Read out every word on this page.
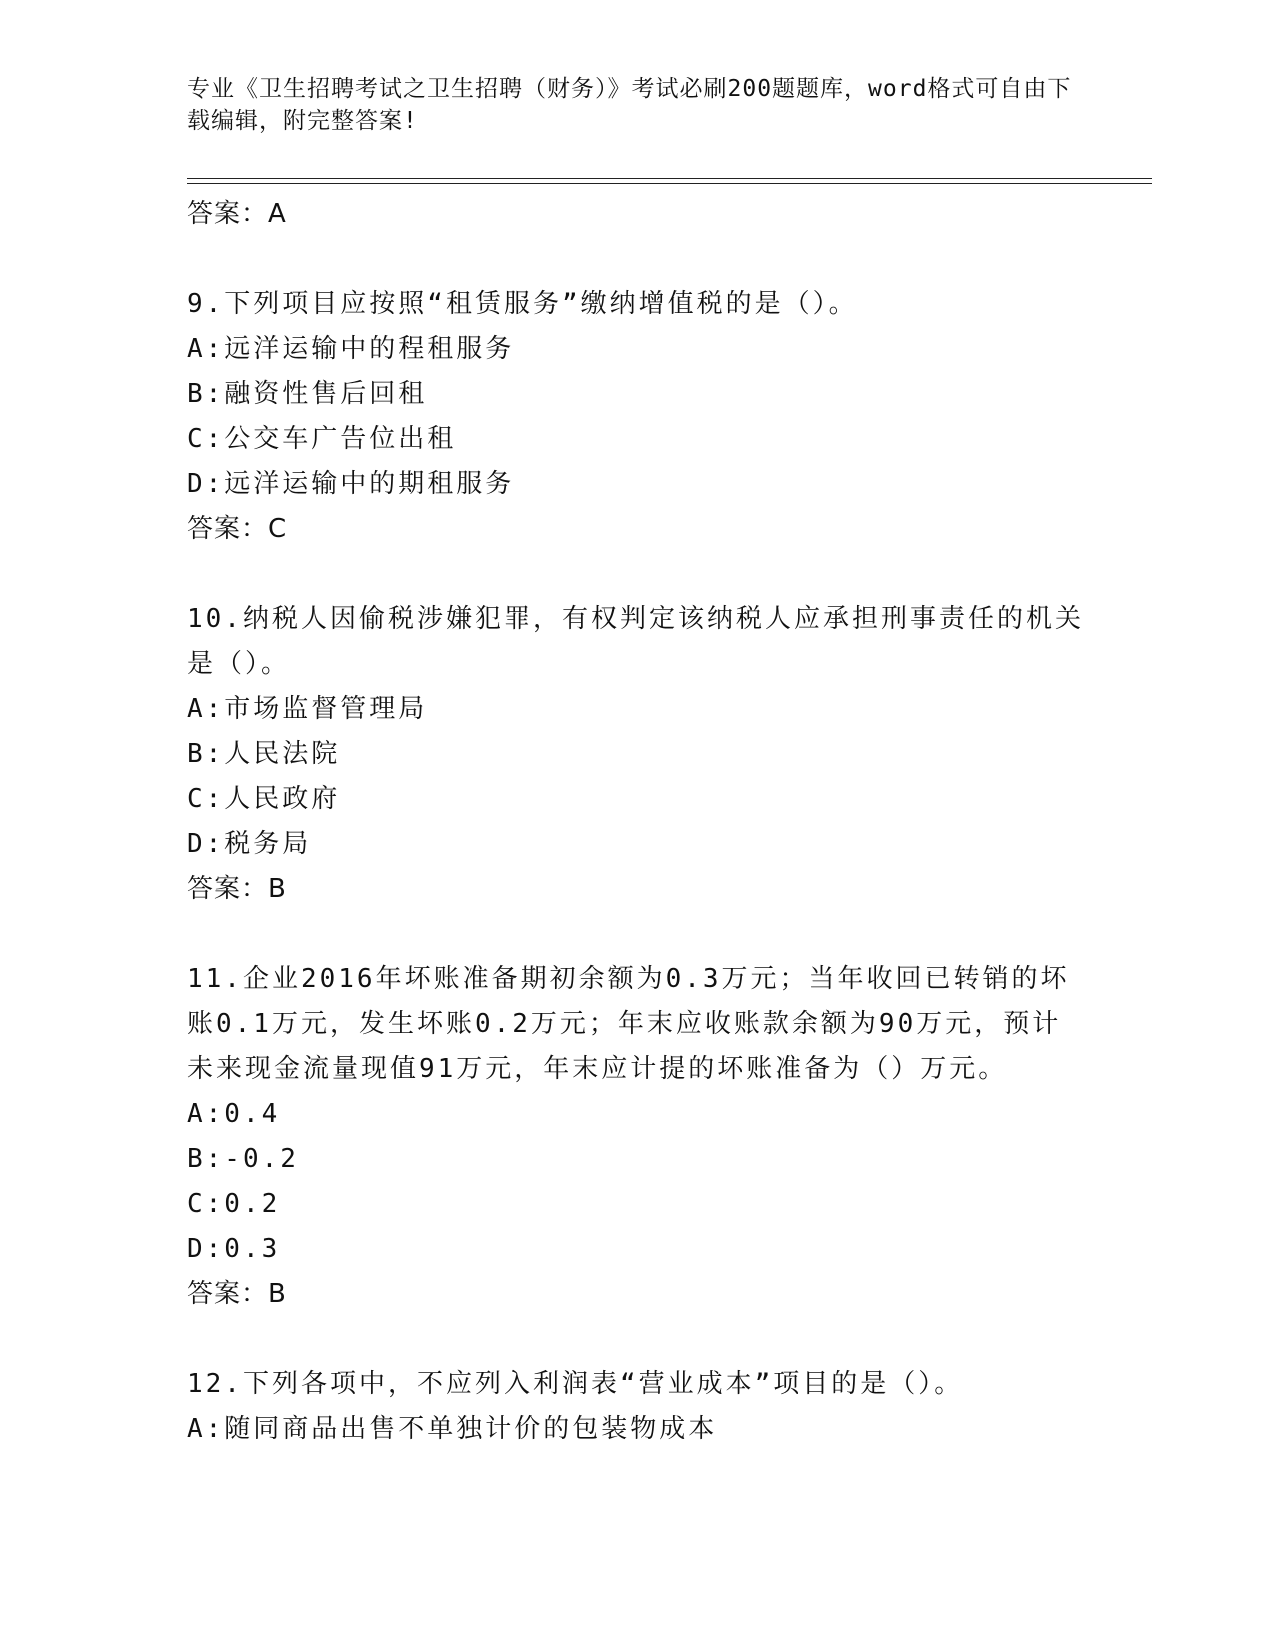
专业《卫生招聘考试之卫生招聘（财务）》考试必刷200题题库，word格式可自由下载编辑，附完整答案!
答案：A
9.下列项目应按照“租赁服务”缴纳增值税的是（）。
A:远洋运输中的程租服务
B:融资性售后回租
C:公交车广告位出租
D:远洋运输中的期租服务
答案：C
10.纳税人因偷税涉嫌犯罪，有权判定该纳税人应承担刑事责任的机关是（）。
A:市场监督管理局
B:人民法院
C:人民政府
D:税务局
答案：B
11.企业2016年坏账准备期初余额为0.3万元；当年收回已转销的坏账0.1万元，发生坏账0.2万元；年末应收账款余额为90万元，预计未来现金流量现值91万元，年末应计提的坏账准备为（）万元。
A:0.4
B:-0.2
C:0.2
D:0.3
答案：B
12.下列各项中，不应列入利润表“营业成本”项目的是（）。
A:随同商品出售不单独计价的包装物成本
